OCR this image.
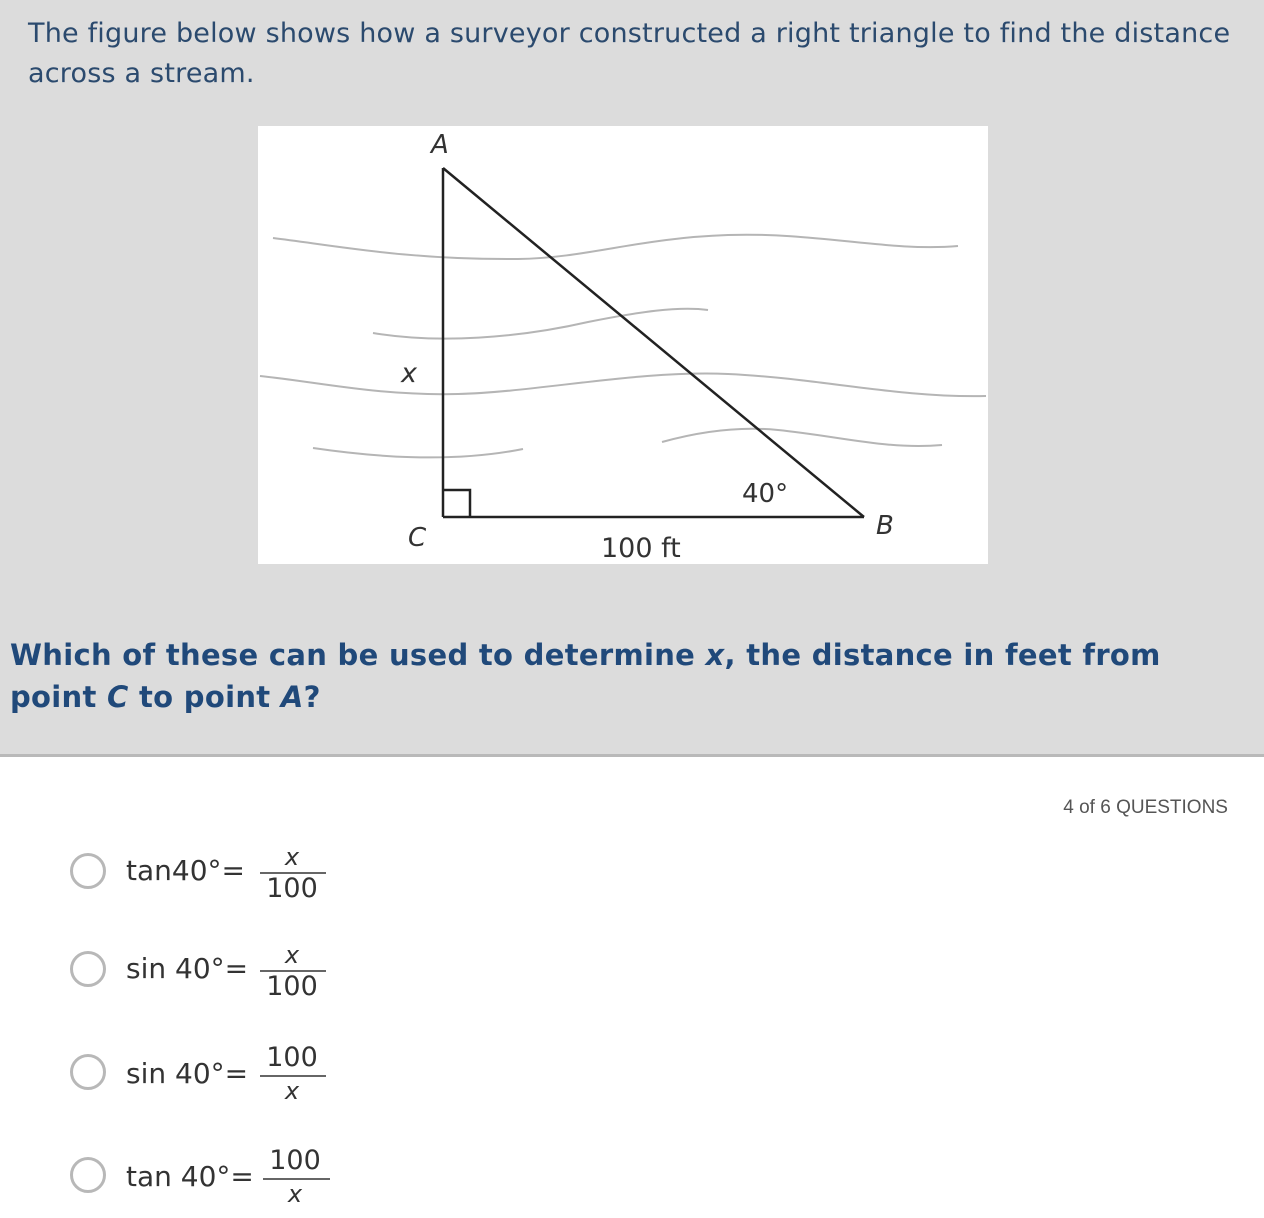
The figure below shows how a surveyor constructed a right triangle to find the distance across a stream.

A
x
C	100 ft
40°
B

Which of these can be used to determine x, the distance in feet from point C to point A?

4 of 6 QUESTIONS
tan40°= x
100
sin 40°= x
100
sin 40°= 100
x
tan 40°= 100
x
